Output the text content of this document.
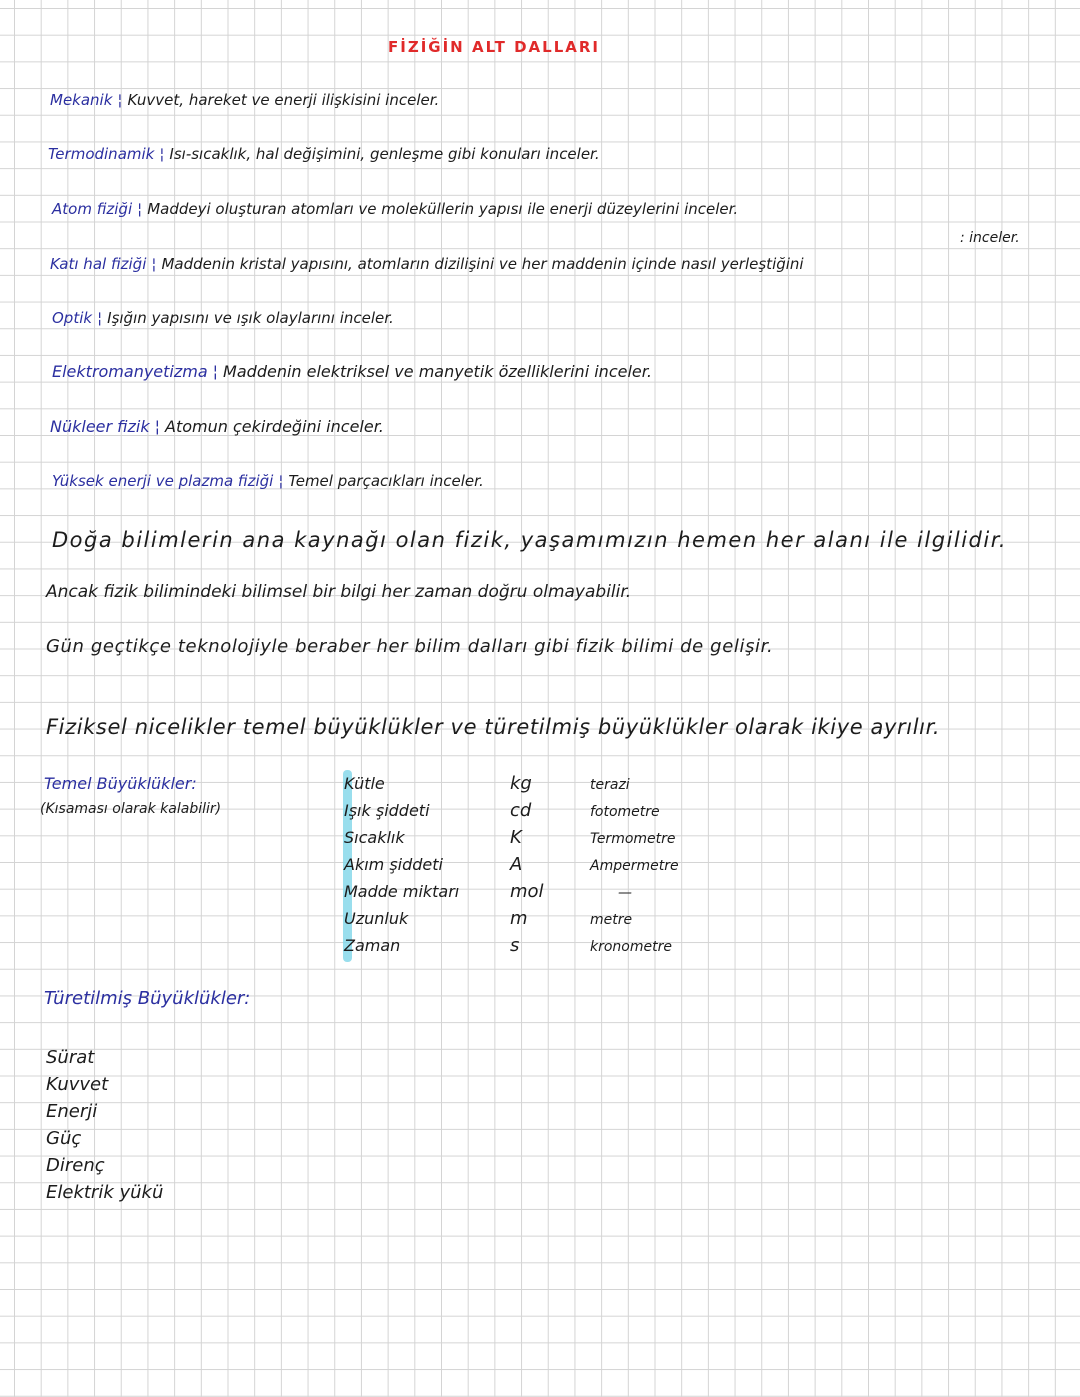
FİZİĞİN ALT DALLARI
Mekanik ¦ Kuvvet, hareket ve enerji ilişkisini inceler.
Termodinamik ¦ Isı-sıcaklık, hal değişimini, genleşme gibi konuları inceler.
Atom fiziği ¦ Maddeyi oluşturan atomları ve moleküllerin yapısı ile enerji düzeylerini inceler.
: inceler.
Katı hal fiziği ¦ Maddenin kristal yapısını, atomların dizilişini ve her maddenin içinde nasıl yerleştiğini
Optik ¦ Işığın yapısını ve ışık olaylarını inceler.
Elektromanyetizma ¦ Maddenin elektriksel ve manyetik özelliklerini inceler.
Nükleer fizik ¦ Atomun çekirdeğini inceler.
Yüksek enerji ve plazma fiziği ¦ Temel parçacıkları inceler.
Doğa bilimlerin ana kaynağı olan fizik, yaşamımızın hemen her alanı ile ilgilidir.
Ancak fizik bilimindeki bilimsel bir bilgi her zaman doğru olmayabilir.
Gün geçtikçe teknolojiyle beraber her bilim dalları gibi fizik bilimi de gelişir.
Fiziksel nicelikler temel büyüklükler ve türetilmiş büyüklükler olarak ikiye ayrılır.
Temel Büyüklükler:
(Kısaması olarak kalabilir)
Kütle
Işık şiddeti
Sıcaklık
Akım şiddeti
Madde miktarı
Uzunluk
Zaman
kg
cd
K
A
mol
m
s
terazi
fotometre
Termometre
Ampermetre
—
metre
kronometre
Türetilmiş Büyüklükler:
Sürat
Kuvvet
Enerji
Güç
Direnç
Elektrik yükü
